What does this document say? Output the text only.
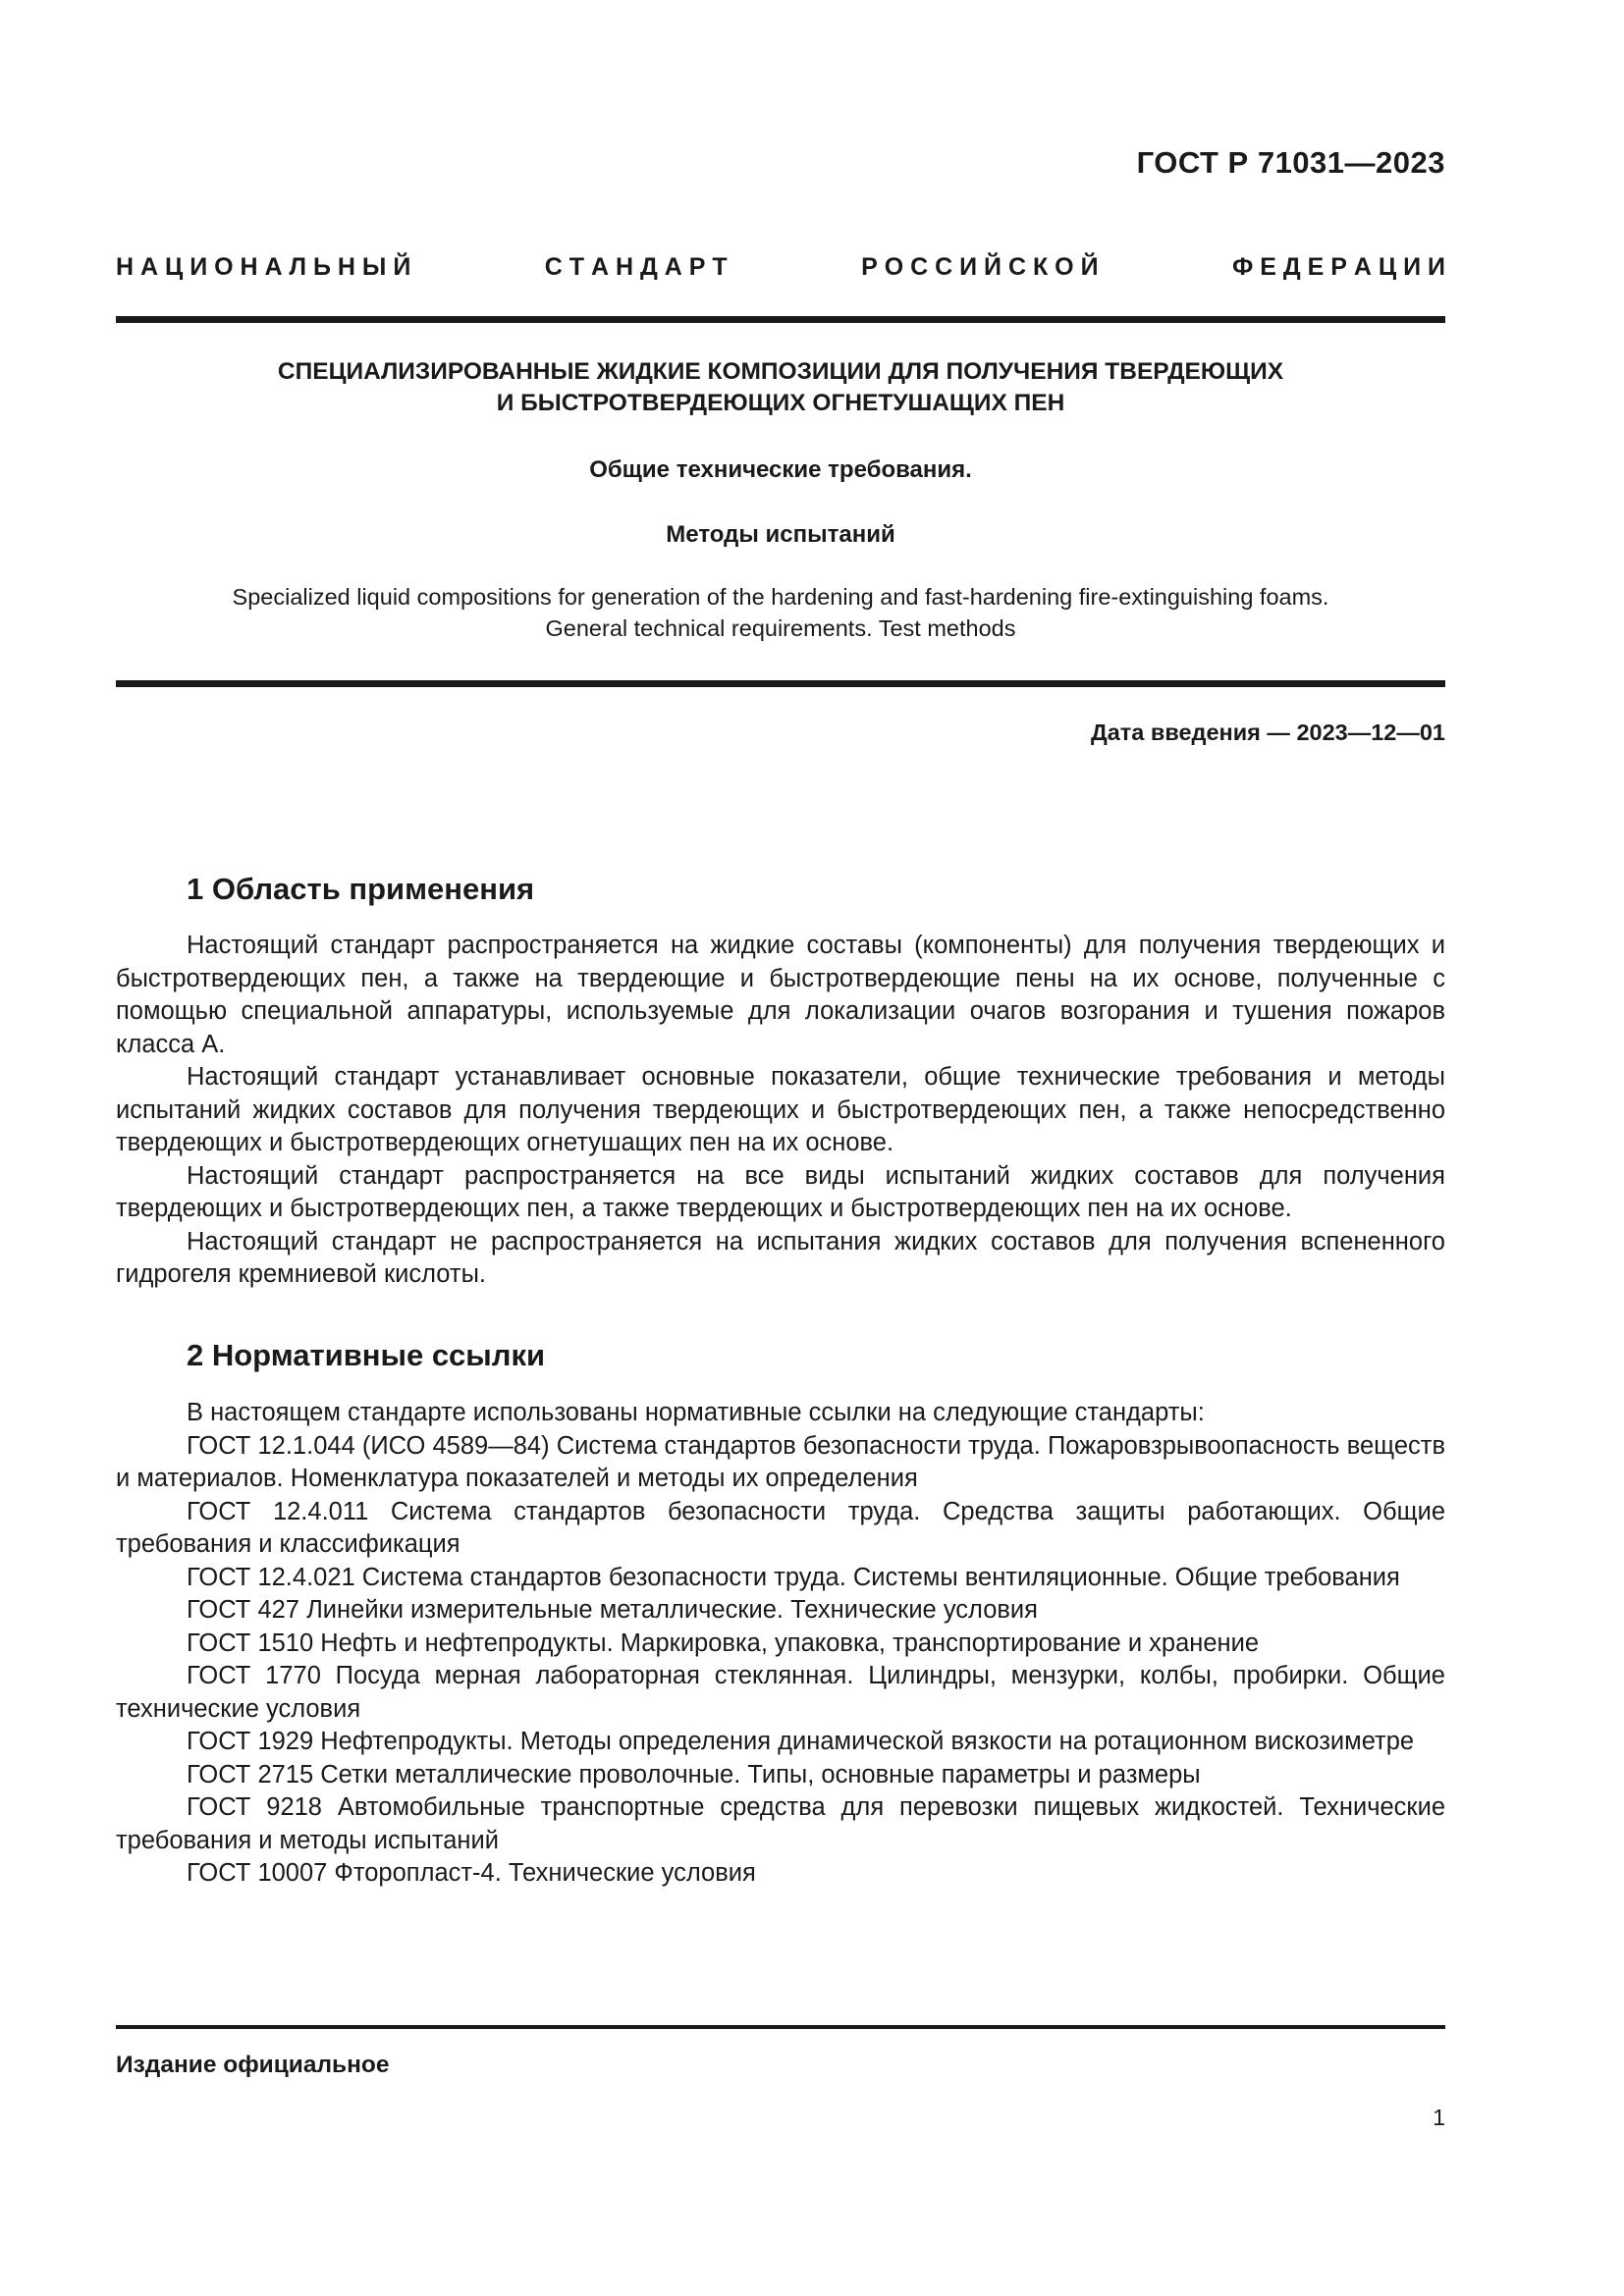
ГОСТ Р 71031—2023
Н А Ц И О Н А Л Ь Н Ы Й	С Т А Н Д А Р Т	Р О С С И Й С К О Й	Ф Е Д Е Р А Ц И И
СПЕЦИАЛИЗИРОВАННЫЕ ЖИДКИЕ КОМПОЗИЦИИ ДЛЯ ПОЛУЧЕНИЯ ТВЕРДЕЮЩИХ
И БЫСТРОТВЕРДЕЮЩИХ ОГНЕТУШАЩИХ ПЕН
Общие технические требования.
Методы испытаний
Specialized liquid compositions for generation of the hardening and fast-hardening fire-extinguishing foams.
General technical requirements. Test methods
Дата введения — 2023—12—01
1 Область применения

Настоящий стандарт распространяется на жидкие составы (компоненты) для получения твердеющих и быстротвердеющих пен, а также на твердеющие и быстротвердеющие пены на их основе, полученные с помощью специальной аппаратуры, используемые для локализации очагов возгорания и тушения пожаров класса А.

Настоящий стандарт устанавливает основные показатели, общие технические требования и методы испытаний жидких составов для получения твердеющих и быстротвердеющих пен, а также непосредственно твердеющих и быстротвердеющих огнетушащих пен на их основе.

Настоящий стандарт распространяется на все виды испытаний жидких составов для получения твердеющих и быстротвердеющих пен, а также твердеющих и быстротвердеющих пен на их основе.

Настоящий стандарт не распространяется на испытания жидких составов для получения вспененного гидрогеля кремниевой кислоты.

2 Нормативные ссылки

В настоящем стандарте использованы нормативные ссылки на следующие стандарты:

ГОСТ 12.1.044 (ИСО 4589—84) Система стандартов безопасности труда. Пожаровзрывоопасность веществ и материалов. Номенклатура показателей и методы их определения

ГОСТ 12.4.011 Система стандартов безопасности труда. Средства защиты работающих. Общие требования и классификация

ГОСТ 12.4.021 Система стандартов безопасности труда. Системы вентиляционные. Общие требования

ГОСТ 427 Линейки измерительные металлические. Технические условия

ГОСТ 1510 Нефть и нефтепродукты. Маркировка, упаковка, транспортирование и хранение

ГОСТ 1770 Посуда мерная лабораторная стеклянная. Цилиндры, мензурки, колбы, пробирки. Общие технические условия

ГОСТ 1929 Нефтепродукты. Методы определения динамической вязкости на ротационном вискозиметре

ГОСТ 2715 Сетки металлические проволочные. Типы, основные параметры и размеры

ГОСТ 9218 Автомобильные транспортные средства для перевозки пищевых жидкостей. Технические требования и методы испытаний

ГОСТ 10007 Фторопласт-4. Технические условия

Издание официальное
1
